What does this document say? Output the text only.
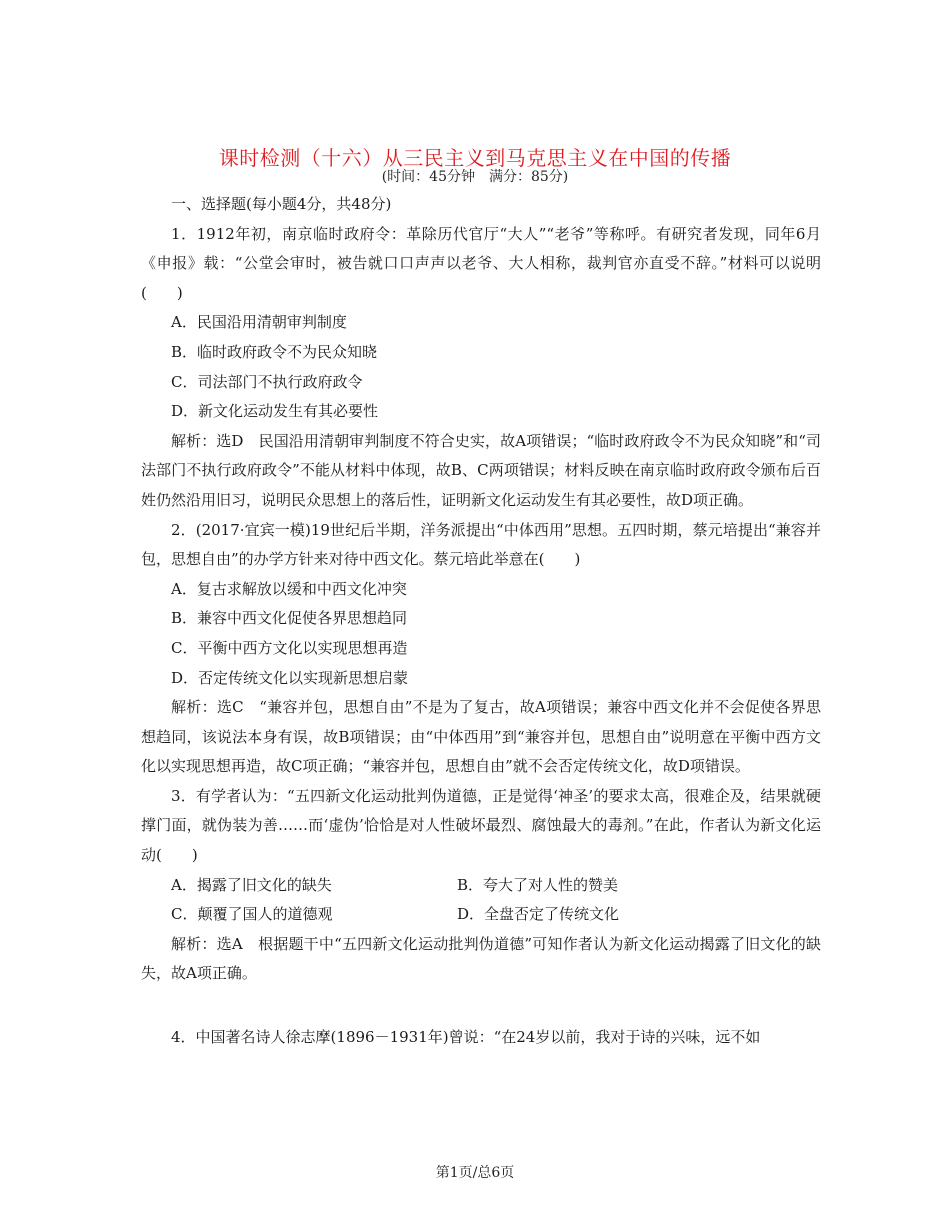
课时检测（十六）从三民主义到马克思主义在中国的传播
(时间：45分钟　满分：85分)

一、选择题(每小题4分，共48分)

1．1912年初，南京临时政府令：革除历代官厅“大人”“老爷”等称呼。有研究者发现，同年6月《申报》载：“公堂会审时，被告就口口声声以老爷、大人相称，裁判官亦直受不辞。”材料可以说明(　　)

A．民国沿用清朝审判制度

B．临时政府政令不为民众知晓

C．司法部门不执行政府政令

D．新文化运动发生有其必要性

解析：选D　民国沿用清朝审判制度不符合史实，故A项错误；“临时政府政令不为民众知晓”和“司法部门不执行政府政令”不能从材料中体现，故B、C两项错误；材料反映在南京临时政府政令颁布后百姓仍然沿用旧习，说明民众思想上的落后性，证明新文化运动发生有其必要性，故D项正确。

2．(2017·宜宾一模)19世纪后半期，洋务派提出“中体西用”思想。五四时期，蔡元培提出“兼容并包，思想自由”的办学方针来对待中西文化。蔡元培此举意在(　　)

A．复古求解放以缓和中西文化冲突

B．兼容中西文化促使各界思想趋同

C．平衡中西方文化以实现思想再造

D．否定传统文化以实现新思想启蒙

解析：选C　“兼容并包，思想自由”不是为了复古，故A项错误；兼容中西文化并不会促使各界思想趋同，该说法本身有误，故B项错误；由“中体西用”到“兼容并包，思想自由”说明意在平衡中西方文化以实现思想再造，故C项正确；“兼容并包，思想自由”就不会否定传统文化，故D项错误。

3．有学者认为：“五四新文化运动批判伪道德，正是觉得‘神圣’的要求太高，很难企及，结果就硬撑门面，就伪装为善……而‘虚伪’恰恰是对人性破坏最烈、腐蚀最大的毒剂。”在此，作者认为新文化运动(　　)

A．揭露了旧文化的缺失	B．夸大了对人性的赞美
C．颠覆了国人的道德观	D．全盘否定了传统文化

解析：选A　根据题干中“五四新文化运动批判伪道德”可知作者认为新文化运动揭露了旧文化的缺失，故A项正确。

4．中国著名诗人徐志摩(1896－1931年)曾说：“在24岁以前，我对于诗的兴味，远不如

第1页/总6页
